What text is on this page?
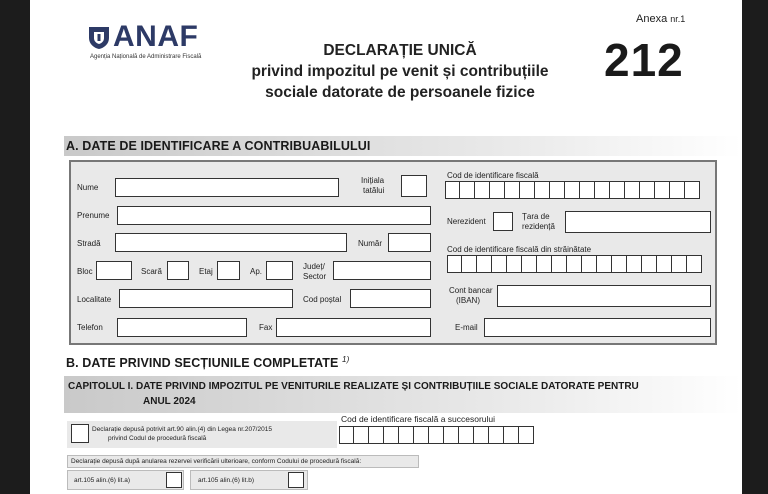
ANAF
Agenția Națională de Administrare Fiscală	DECLARAȚIE UNICĂ
privind impozitul pe venit și contribuțiile
sociale datorate de persoanele fizice
Anexa nr.1
212
A. DATE DE IDENTIFICARE A CONTRIBUABILULUI
Nume
Inițiala
tatălui
Prenume
Stradă	Număr
Bloc	Scară	Etaj	Ap.
Județ/
Sector
Localitate	Cod poștal
Telefon	Fax
Cod de identificare fiscală
Nerezident
Țara de
rezidență
Cod de identificare fiscală din străinătate
Cont bancar
(IBAN)
E-mail
B. DATE PRIVIND SECȚIUNILE COMPLETATE $^{1)}$
CAPITOLUL I. DATE PRIVIND IMPOZITUL PE VENITURILE REALIZATE ȘI CONTRIBUȚIILE SOCIALE DATORATE PENTRU
ANUL 2024
Declarație depusă potrivit art.90 alin.(4) din Legea nr.207/2015
privind Codul de procedură fiscală
Cod de identificare fiscală a succesorului
Declarație depusă după anularea rezervei verificării ulterioare, conform Codului de procedură fiscală:
art.105 alin.(6) lit.a)	art.105 alin.(6) lit.b)
